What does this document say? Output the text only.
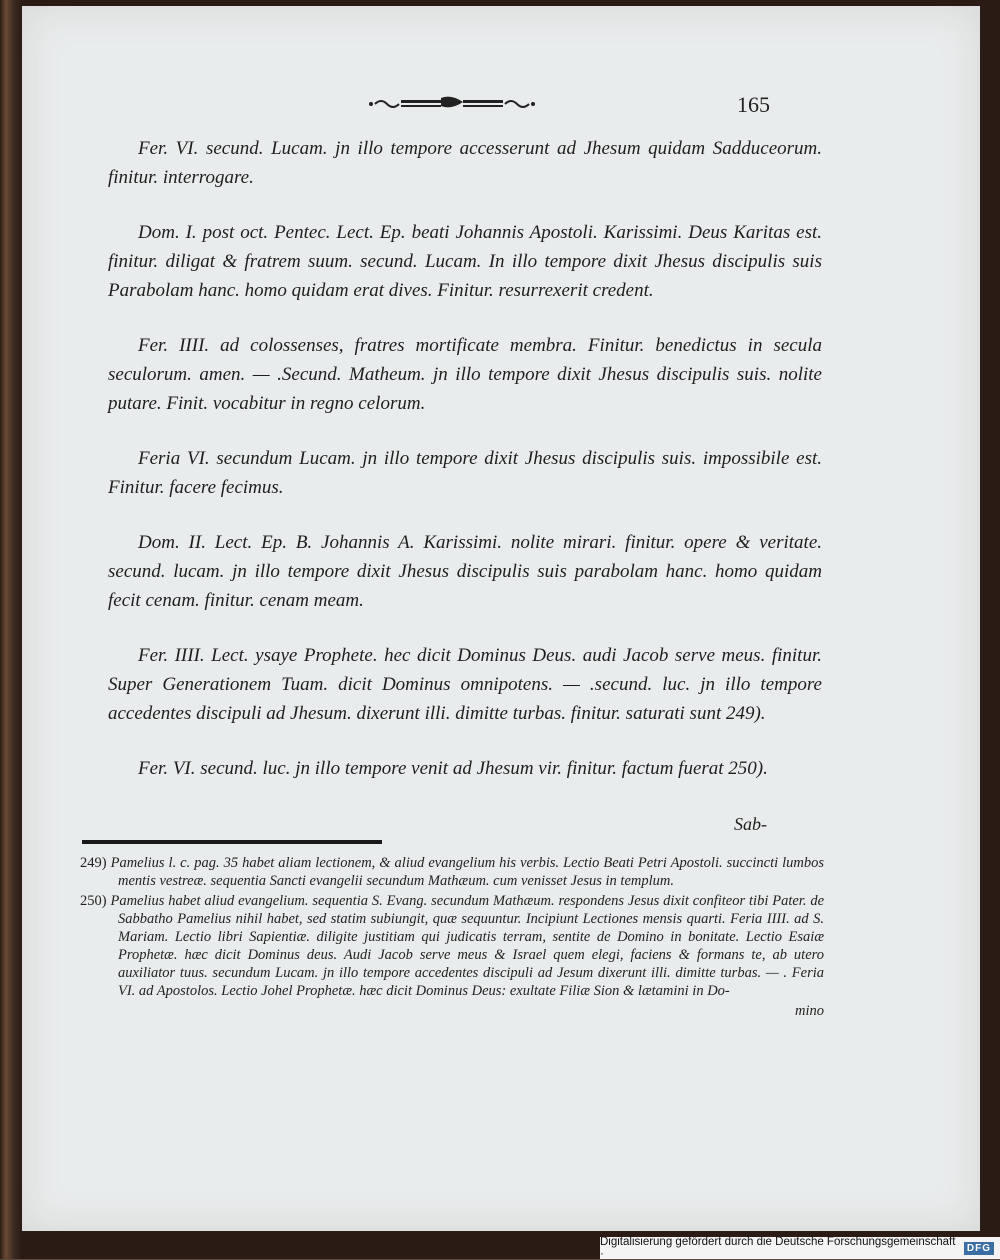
165

Fer. VI. secund. Lucam. jn illo tempore accesserunt ad Jhesum quidam Sadduceorum. finitur. interrogare.

Dom. I. post oct. Pentec. Lect. Ep. beati Johannis Apostoli. Karissimi. Deus Karitas est. finitur. diligat & fratrem suum. secund. Lucam. In illo tempore dixit Jhesus discipulis suis Parabolam hanc. homo quidam erat dives. Finitur. resurrexerit credent.

Fer. IIII. ad colossenses, fratres mortificate membra. Finitur. benedictus in secula seculorum. amen. — .Secund. Matheum. jn illo tempore dixit Jhesus discipulis suis. nolite putare. Finit. vocabitur in regno celorum.

Feria VI. secundum Lucam. jn illo tempore dixit Jhesus discipulis suis. impossibile est. Finitur. facere fecimus.

Dom. II. Lect. Ep. B. Johannis A. Karissimi. nolite mirari. finitur. opere & veritate. secund. lucam. jn illo tempore dixit Jhesus discipulis suis parabolam hanc. homo quidam fecit cenam. finitur. cenam meam.

Fer. IIII. Lect. ysaye Prophete. hec dicit Dominus Deus. audi Jacob serve meus. finitur. Super Generationem Tuam. dicit Dominus omnipotens. — .secund. luc. jn illo tempore accedentes discipuli ad Jhesum. dixerunt illi. dimitte turbas. finitur. saturati sunt 249).

Fer. VI. secund. luc. jn illo tempore venit ad Jhesum vir. finitur. factum fuerat 250).

Sab-

249) Pamelius l. c. pag. 35 habet aliam lectionem, & aliud evangelium his verbis. Lectio Beati Petri Apostoli. succincti lumbos mentis vestreæ. sequentia Sancti evangelii secundum Mathæum. cum venisset Jesus in templum.

250) Pamelius habet aliud evangelium. sequentia S. Evang. secundum Mathæum. respondens Jesus dixit confiteor tibi Pater. de Sabbatho Pamelius nihil habet, sed statim subiungit, quæ sequuntur. Incipiunt Lectiones mensis quarti. Feria IIII. ad S. Mariam. Lectio libri Sapientiæ. diligite justitiam qui judicatis terram, sentite de Domino in bonitate. Lectio Esaiæ Prophetæ. hæc dicit Dominus deus. Audi Jacob serve meus & Israel quem elegi, faciens & formans te, ab utero auxiliator tuus. secundum Lucam. jn illo tempore accedentes discipuli ad Jesum dixerunt illi. dimitte turbas. — . Feria VI. ad Apostolos. Lectio Johel Prophetæ. hæc dicit Dominus Deus: exultate Filiæ Sion & lætamini in Do-

mino
Digitalisierung gefördert durch die Deutsche Forschungsgemeinschaft ·	DFG
